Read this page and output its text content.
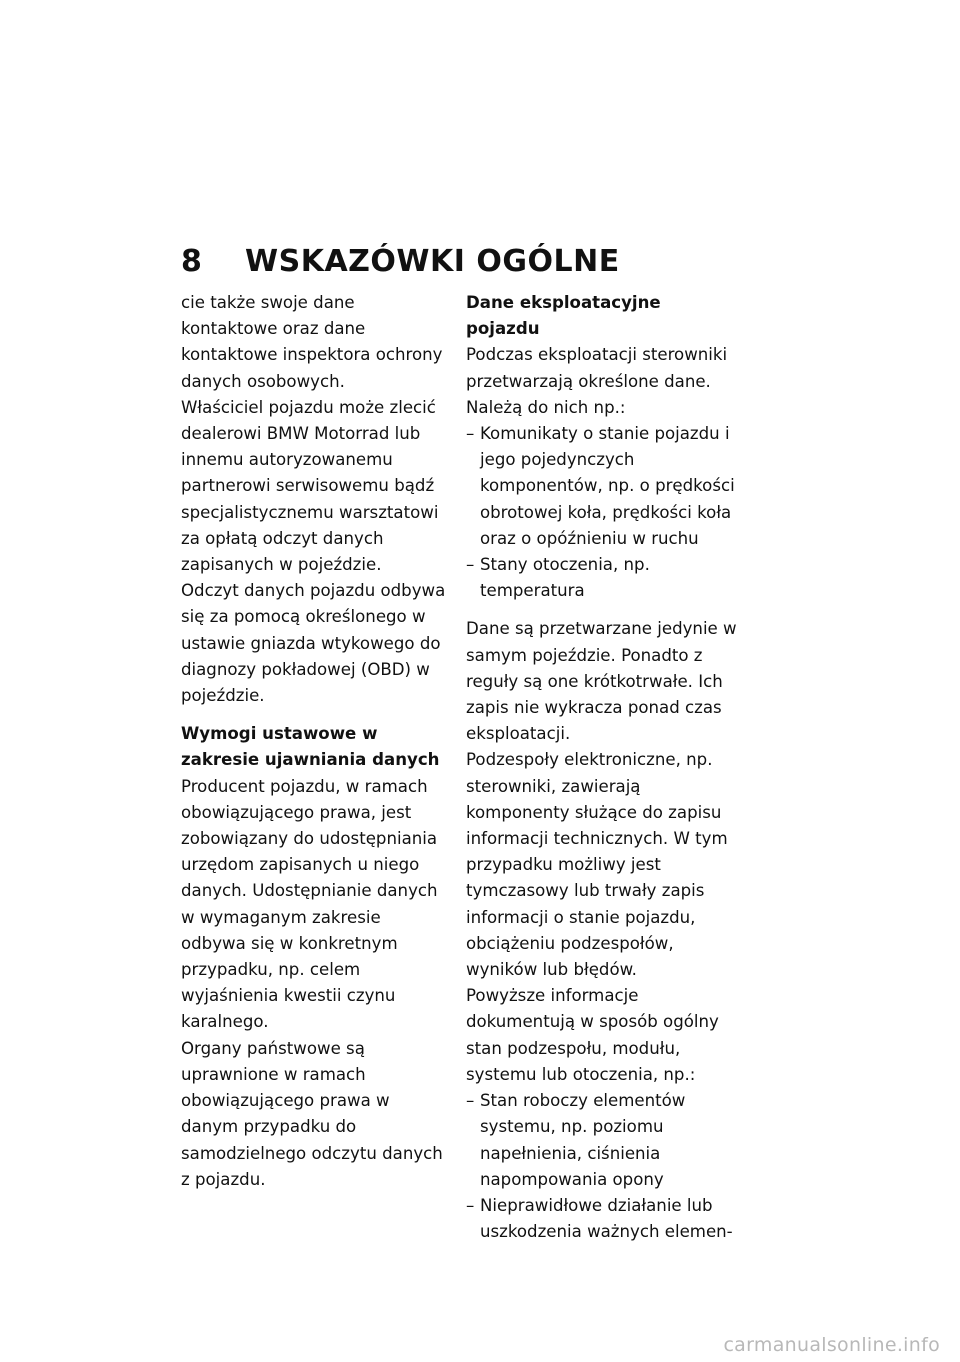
8	WSKAZÓWKI OGÓLNE

cie także swoje dane kontaktowe oraz dane kontaktowe inspektora ochrony danych osobowych.

Właściciel pojazdu może zlecić dealerowi BMW Motorrad lub innemu autoryzowanemu partnerowi serwisowemu bądź specjalistycznemu warsztatowi za opłatą odczyt danych zapisanych w pojeździe.

Odczyt danych pojazdu odbywa się za pomocą określonego w ustawie gniazda wtykowego do diagnozy pokładowej (OBD) w pojeździe.

Wymogi ustawowe w zakresie ujawniania danych

Producent pojazdu, w ramach obowiązującego prawa, jest zobowiązany do udostępniania urzędom zapisanych u niego danych. Udostępnianie danych w wymaganym zakresie odbywa się w konkretnym przypadku, np. celem wyjaśnienia kwestii czynu karalnego.

Organy państwowe są uprawnione w ramach obowiązującego prawa w danym przypadku do samodzielnego odczytu danych z pojazdu.

Dane eksploatacyjne pojazdu

Podczas eksploatacji sterowniki przetwarzają określone dane. Należą do nich np.:

– Komunikaty o stanie pojazdu i jego pojedynczych komponentów, np. o prędkości obrotowej koła, prędkości koła oraz o opóźnieniu w ruchu
– Stany otoczenia, np. temperatura

Dane są przetwarzane jedynie w samym pojeździe. Ponadto z reguły są one krótkotrwałe. Ich zapis nie wykracza ponad czas eksploatacji.

Podzespoły elektroniczne, np. sterowniki, zawierają komponenty służące do zapisu informacji technicznych. W tym przypadku możliwy jest tymczasowy lub trwały zapis informacji o stanie pojazdu, obciążeniu podzespołów, wyników lub błędów.

Powyższe informacje dokumentują w sposób ogólny stan podzespołu, modułu, systemu lub otoczenia, np.:

– Stan roboczy elementów systemu, np. poziomu napełnienia, ciśnienia napompowania opony
– Nieprawidłowe działanie lub uszkodzenia ważnych elemen-
carmanualsonline.info
